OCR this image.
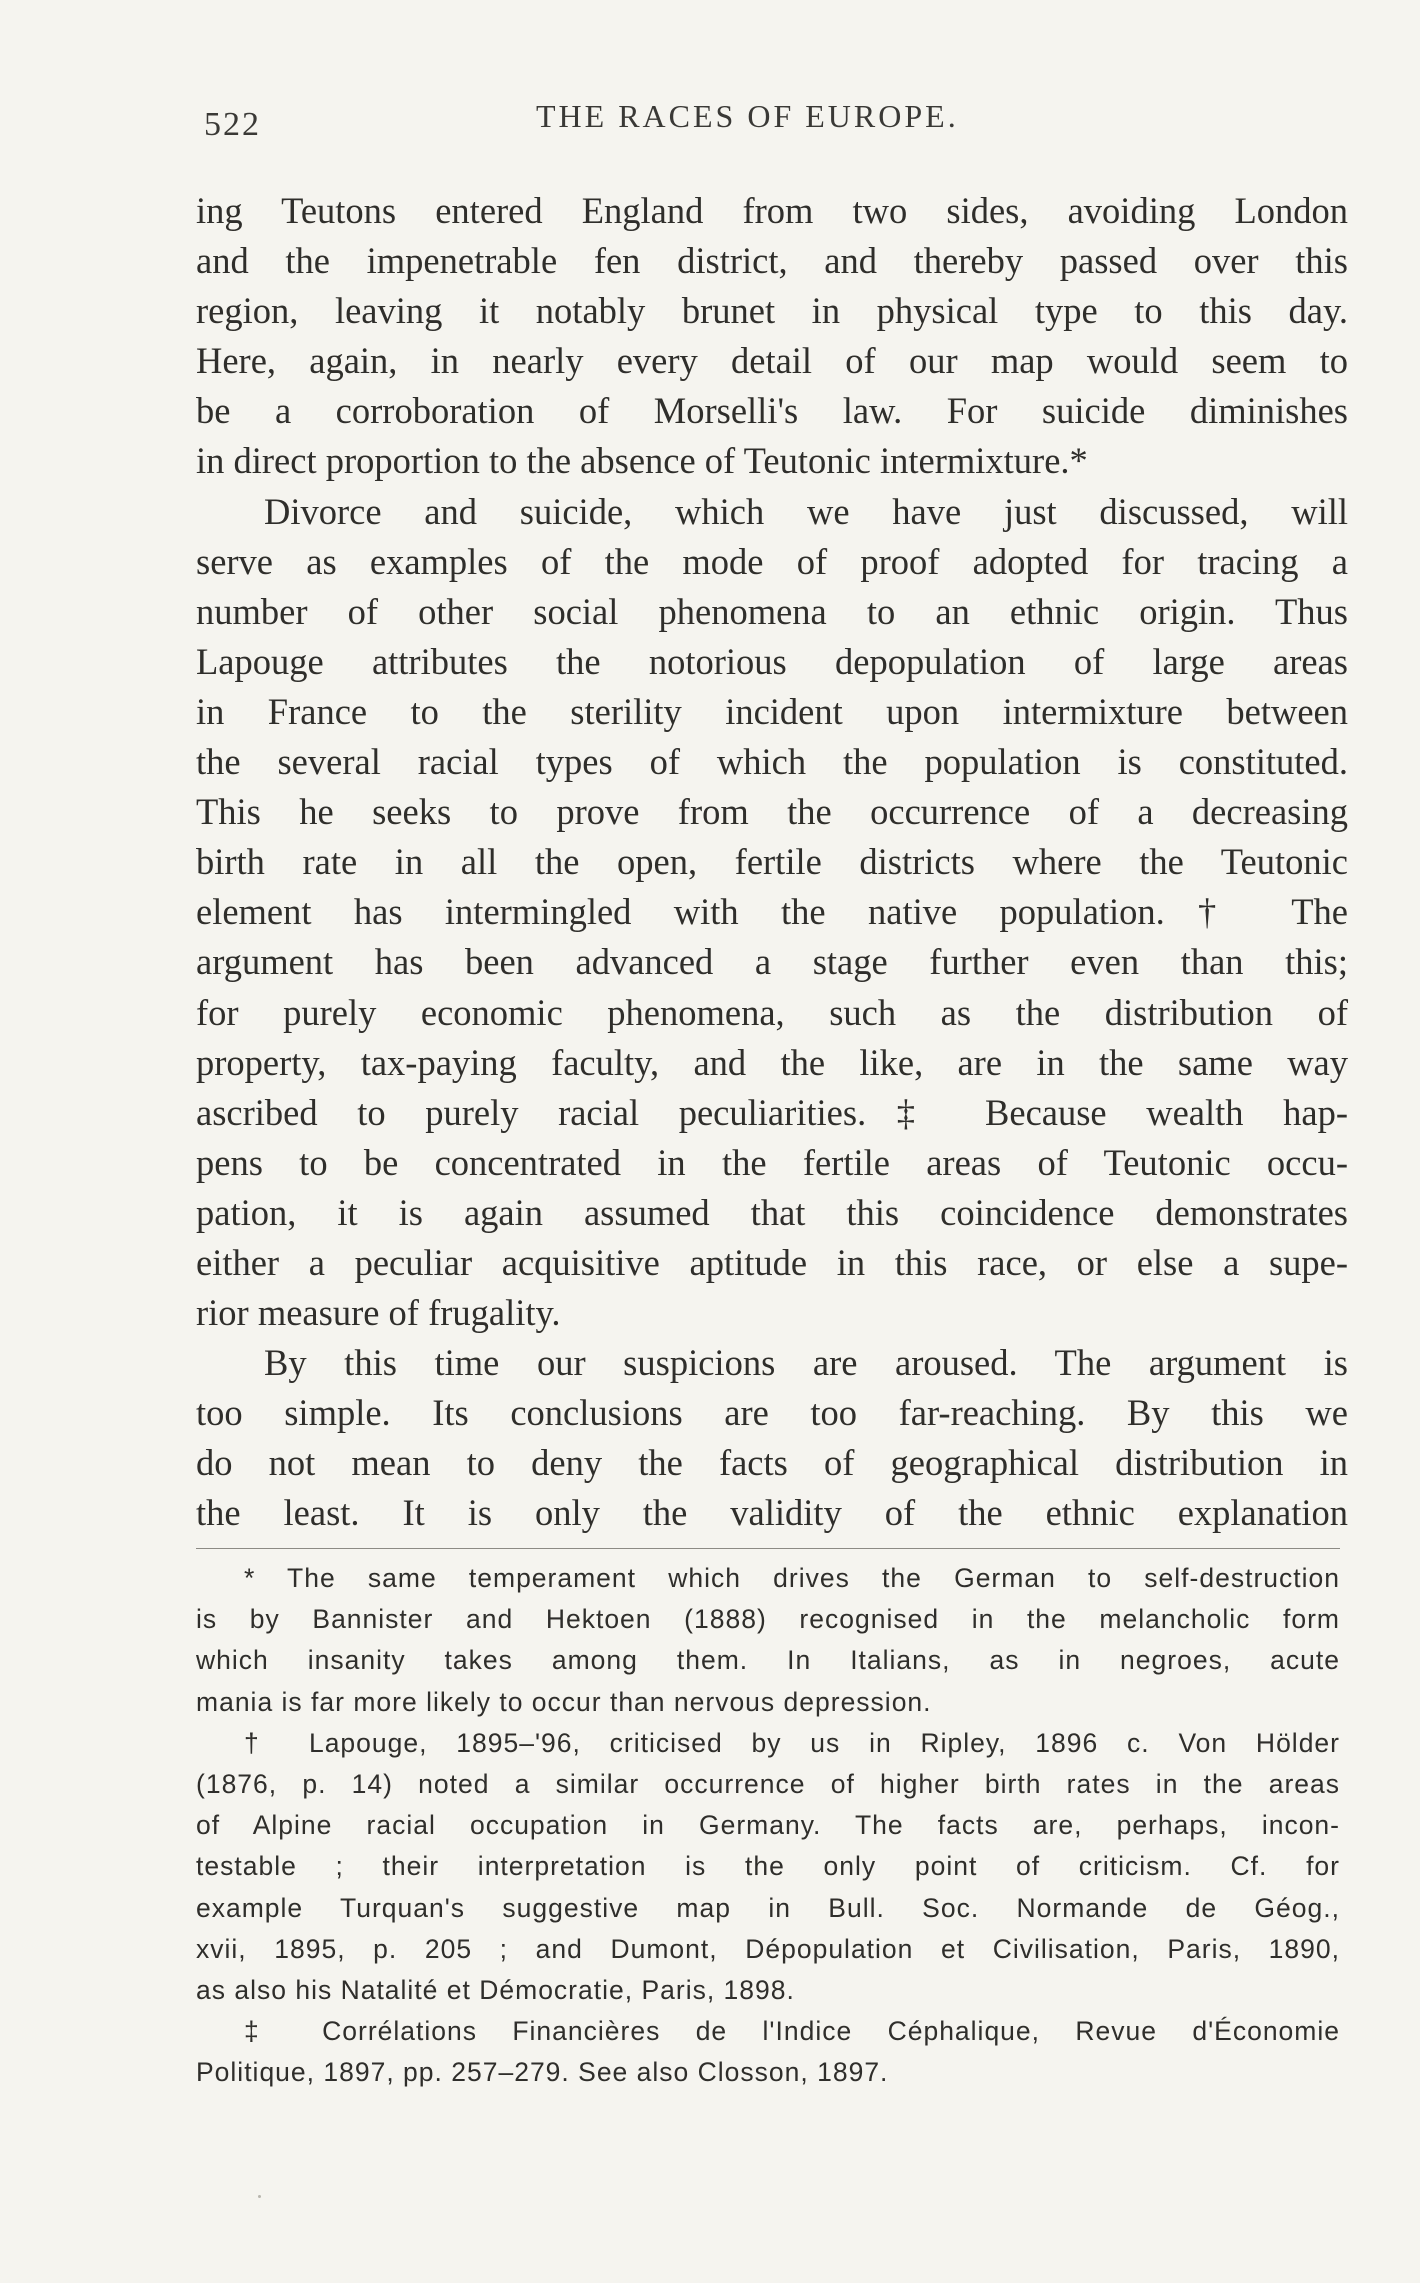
522	THE RACES OF EUROPE.
ing Teutons entered England from two sides, avoiding London
and the impenetrable fen district, and thereby passed over this
region, leaving it notably brunet in physical type to this day.
Here, again, in nearly every detail of our map would seem to
be a corroboration of Morselli's law. For suicide diminishes
in direct proportion to the absence of Teutonic intermixture.*
Divorce and suicide, which we have just discussed, will
serve as examples of the mode of proof adopted for tracing a
number of other social phenomena to an ethnic origin. Thus
Lapouge attributes the notorious depopulation of large areas
in France to the sterility incident upon intermixture between
the several racial types of which the population is constituted.
This he seeks to prove from the occurrence of a decreasing
birth rate in all the open, fertile districts where the Teutonic
element has intermingled with the native population.† The
argument has been advanced a stage further even than this;
for purely economic phenomena, such as the distribution of
property, tax-paying faculty, and the like, are in the same way
ascribed to purely racial peculiarities.‡ Because wealth hap-
pens to be concentrated in the fertile areas of Teutonic occu-
pation, it is again assumed that this coincidence demonstrates
either a peculiar acquisitive aptitude in this race, or else a supe-
rior measure of frugality.
By this time our suspicions are aroused. The argument is
too simple. Its conclusions are too far-reaching. By this we
do not mean to deny the facts of geographical distribution in
the least. It is only the validity of the ethnic explanation
* The same temperament which drives the German to self-destruction
is by Bannister and Hektoen (1888) recognised in the melancholic form
which insanity takes among them. In Italians, as in negroes, acute
mania is far more likely to occur than nervous depression.
† Lapouge, 1895–'96, criticised by us in Ripley, 1896 c. Von Hölder
(1876, p. 14) noted a similar occurrence of higher birth rates in the areas
of Alpine racial occupation in Germany. The facts are, perhaps, incon-
testable ; their interpretation is the only point of criticism. Cf. for
example Turquan's suggestive map in Bull. Soc. Normande de Géog.,
xvii, 1895, p. 205 ; and Dumont, Dépopulation et Civilisation, Paris, 1890,
as also his Natalité et Démocratie, Paris, 1898.
‡ Corrélations Financières de l'Indice Céphalique, Revue d'Économie
Politique, 1897, pp. 257–279. See also Closson, 1897.
